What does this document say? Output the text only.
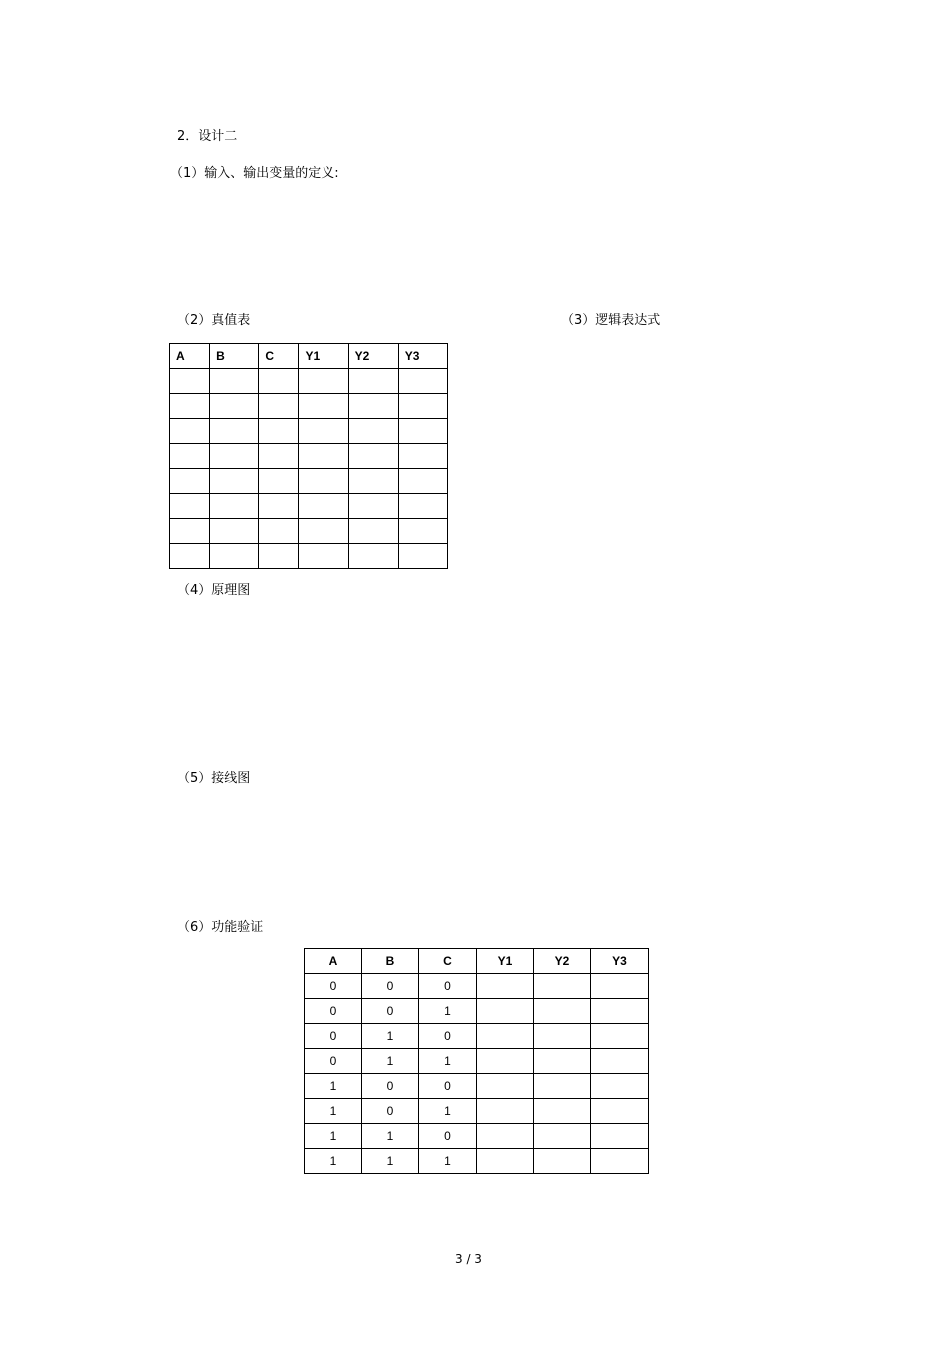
2．设计二
（1）输入、输出变量的定义:
（2）真值表	（3）逻辑表达式
A	B	C	Y1	Y2	Y3

（4）原理图
（5）接线图
（6）功能验证
A	B	C	Y1	Y2	Y3
0	0	0			
0	0	1			
0	1	0			
0	1	1			
1	0	0			
1	0	1			
1	1	0			
1	1	1			
3 / 3
